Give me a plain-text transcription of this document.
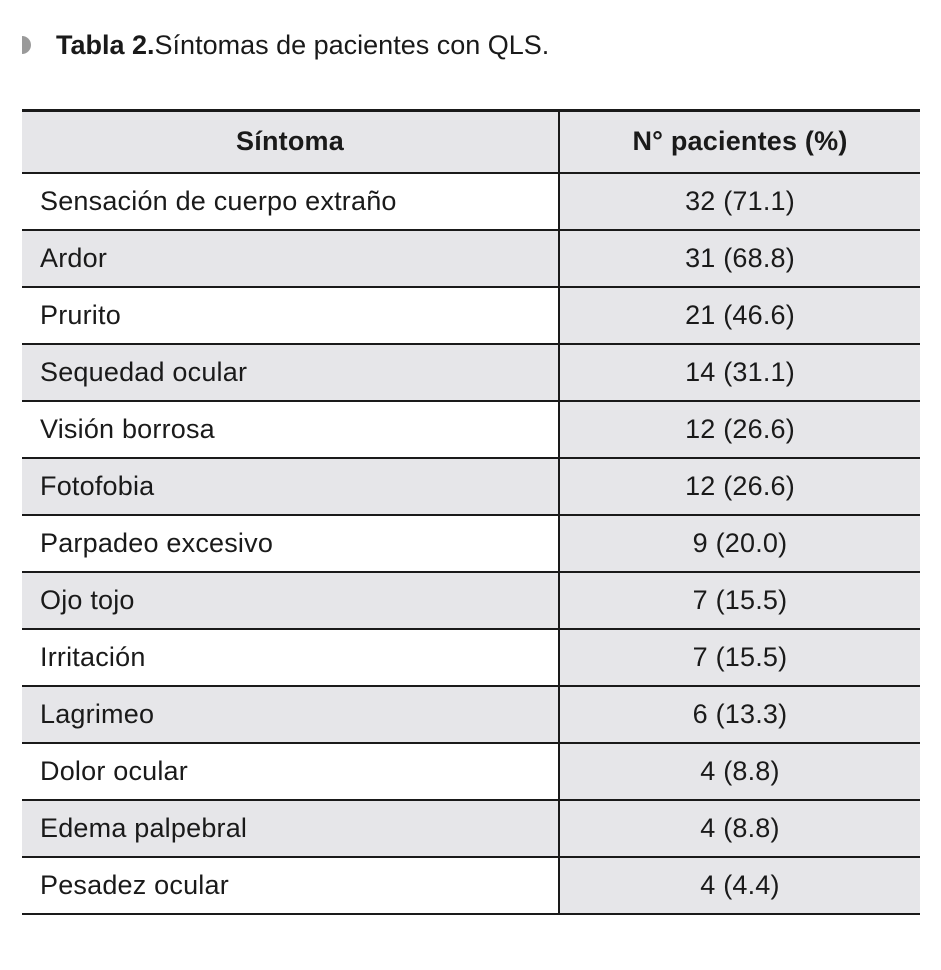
Tabla 2. Síntomas de pacientes con QLS.
Síntoma	N° pacientes (%)
Sensación de cuerpo extraño	32 (71.1)
Ardor	31 (68.8)
Prurito	21 (46.6)
Sequedad ocular	14 (31.1)
Visión borrosa	12 (26.6)
Fotofobia	12 (26.6)
Parpadeo excesivo	9 (20.0)
Ojo tojo	7 (15.5)
Irritación	7 (15.5)
Lagrimeo	6 (13.3)
Dolor ocular	4 (8.8)
Edema palpebral	4 (8.8)
Pesadez ocular	4 (4.4)
